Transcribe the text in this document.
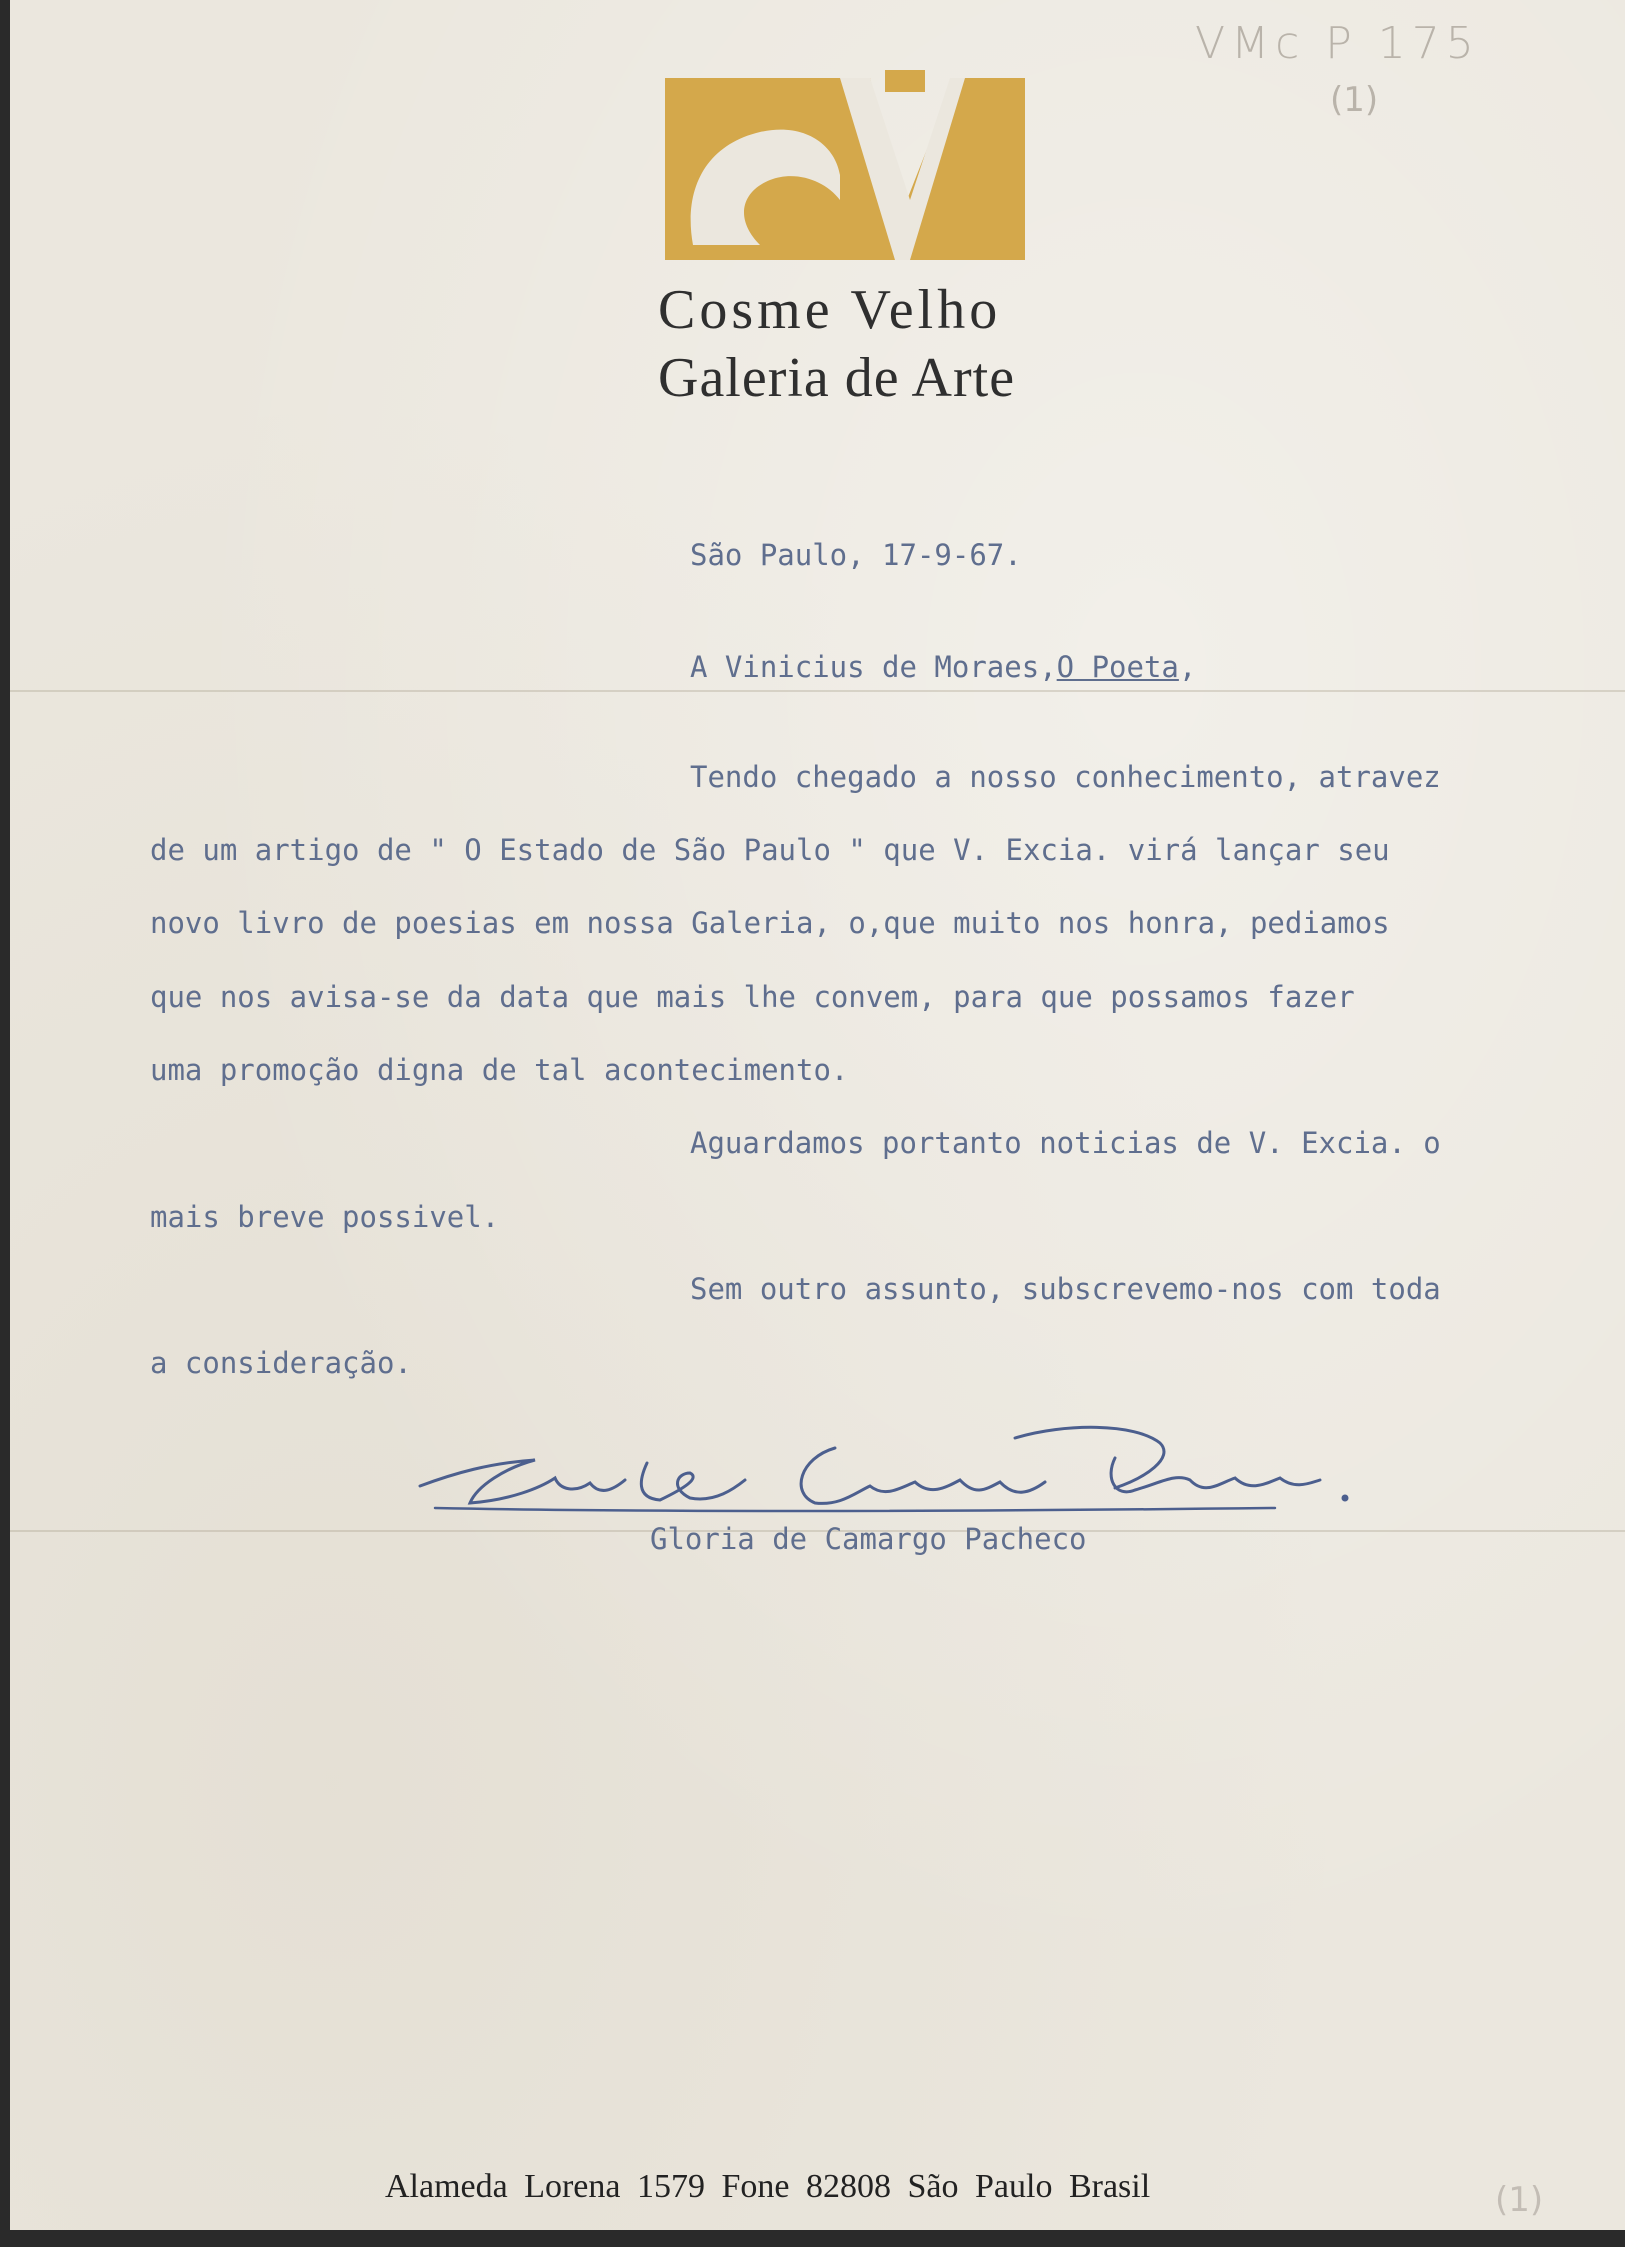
VMc P 175
(1)
Cosme Velho
Galeria de Arte
São Paulo, 17-9-67.
A Vinicius de Moraes,O Poeta,
Tendo chegado a nosso conhecimento, atravez
de um artigo de " O Estado de São Paulo " que V. Excia. virá lançar seu
novo livro de poesias em nossa Galeria, o,que muito nos honra, pediamos
que nos avisa-se da data que mais lhe convem, para que possamos fazer
uma promoção digna de tal acontecimento.
Aguardamos portanto noticias de V. Excia. o
mais breve possivel.
Sem outro assunto, subscrevemo-nos com toda
a consideração.
Gloria de Camargo Pacheco
Alameda Lorena 1579 Fone 82808 São Paulo Brasil	(1)
